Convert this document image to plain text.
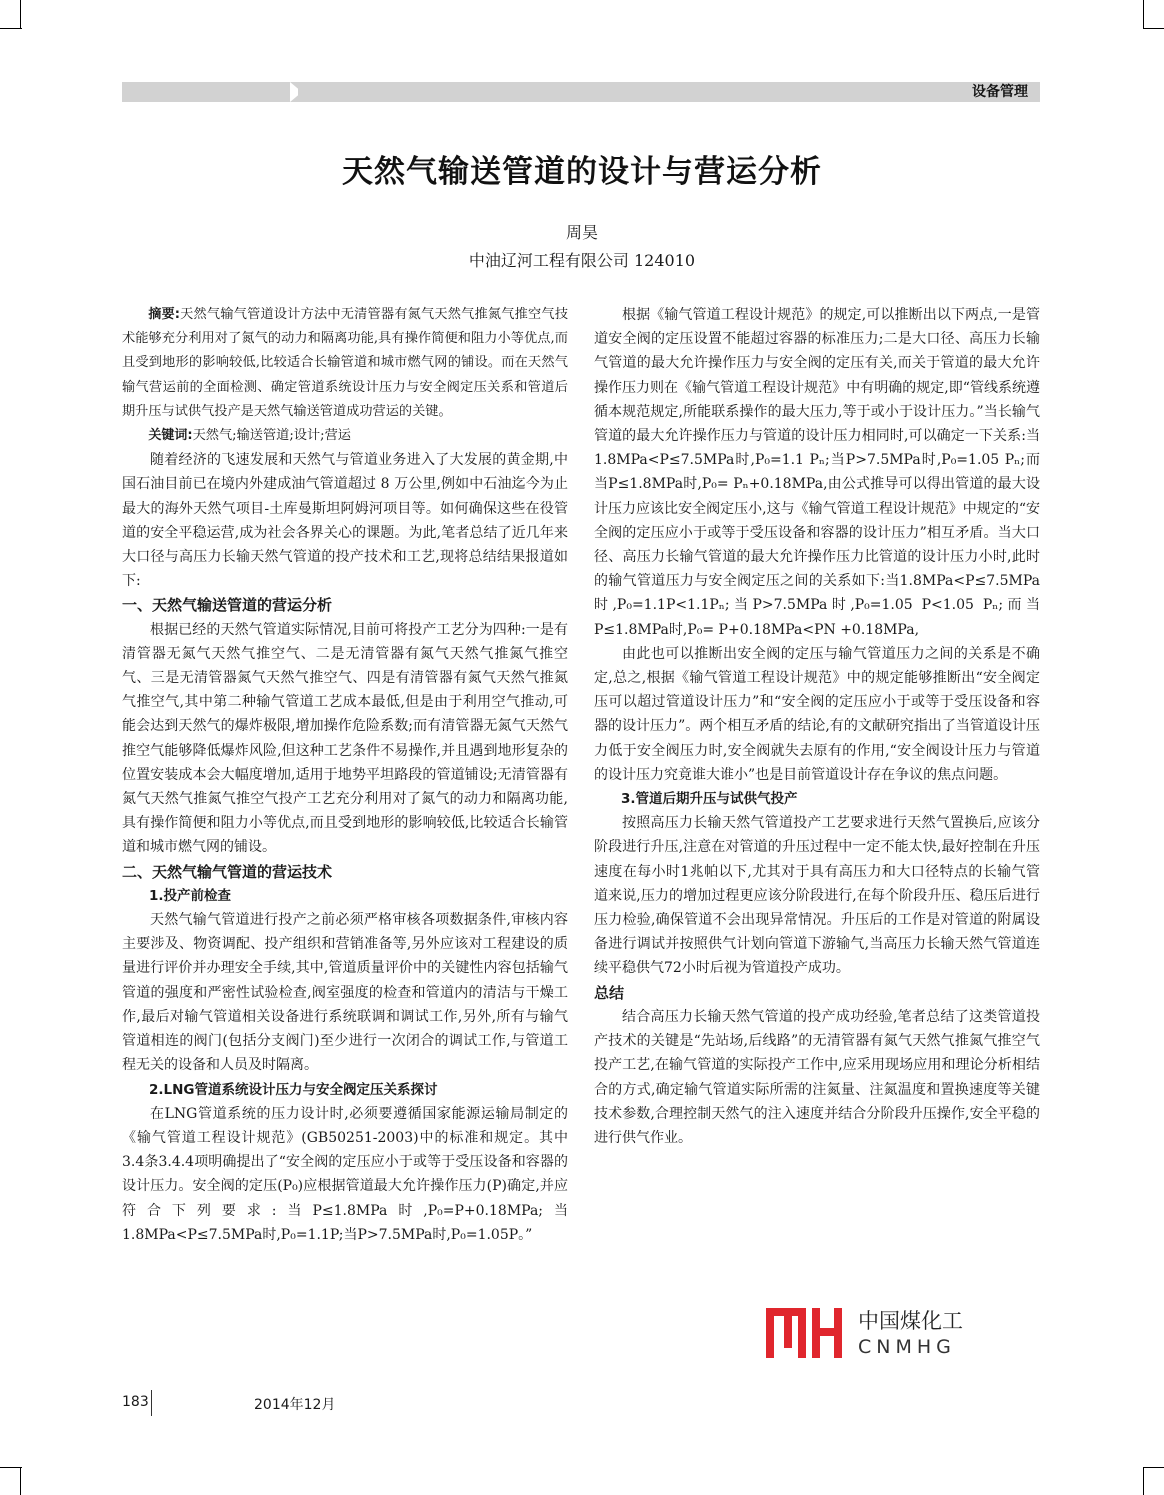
设备管理
天然气输送管道的设计与营运分析
周昊
中油辽河工程有限公司 124010

摘要:天然气输气管道设计方法中无清管器有氮气天然气推氮气推空气技术能够充分利用对了氮气的动力和隔离功能,具有操作简便和阻力小等优点,而且受到地形的影响较低,比较适合长输管道和城市燃气网的铺设。而在天然气输气营运前的全面检测、确定管道系统设计压力与安全阀定压关系和管道后期升压与试供气投产是天然气输送管道成功营运的关键。

关键词:天然气;输送管道;设计;营运

随着经济的飞速发展和天然气与管道业务进入了大发展的黄金期,中国石油目前已在境内外建成油气管道超过 8 万公里,例如中石油迄今为止最大的海外天然气项目-土库曼斯坦阿姆河项目等。如何确保这些在役管道的安全平稳运营,成为社会各界关心的课题。为此,笔者总结了近几年来大口径与高压力长输天然气管道的投产技术和工艺,现将总结结果报道如下:

一、天然气输送管道的营运分析

根据已经的天然气管道实际情况,目前可将投产工艺分为四种:一是有清管器无氮气天然气推空气、二是无清管器有氮气天然气推氮气推空气、三是无清管器氮气天然气推空气、四是有清管器有氮气天然气推氮气推空气,其中第二种输气管道工艺成本最低,但是由于利用空气推动,可能会达到天然气的爆炸极限,增加操作危险系数;而有清管器无氮气天然气推空气能够降低爆炸风险,但这种工艺条件不易操作,并且遇到地形复杂的位置安装成本会大幅度增加,适用于地势平坦路段的管道铺设;无清管器有氮气天然气推氮气推空气投产工艺充分利用对了氮气的动力和隔离功能,具有操作简便和阻力小等优点,而且受到地形的影响较低,比较适合长输管道和城市燃气网的铺设。

二、天然气输气管道的营运技术

1.投产前检查

天然气输气管道进行投产之前必须严格审核各项数据条件,审核内容主要涉及、物资调配、投产组织和营销准备等,另外应该对工程建设的质量进行评价并办理安全手续,其中,管道质量评价中的关键性内容包括输气管道的强度和严密性试验检查,阀室强度的检查和管道内的清洁与干燥工作,最后对输气管道相关设备进行系统联调和调试工作,另外,所有与输气管道相连的阀门(包括分支阀门)至少进行一次闭合的调试工作,与管道工程无关的设备和人员及时隔离。

2.LNG管道系统设计压力与安全阀定压关系探讨

在LNG管道系统的压力设计时,必须要遵循国家能源运输局制定的《输气管道工程设计规范》(GB50251-2003)中的标准和规定。其中3.4条3.4.4项明确提出了“安全阀的定压应小于或等于受压设备和容器的设计压力。安全阀的定压(P₀)应根据管道最大允许操作压力(P)确定,并应符合下列要求:当P≤1.8MPa时,P₀=P+0.18MPa;当1.8MPa<P≤7.5MPa时,P₀=1.1P;当P>7.5MPa时,P₀=1.05P。”

根据《输气管道工程设计规范》的规定,可以推断出以下两点,一是管道安全阀的定压设置不能超过容器的标准压力;二是大口径、高压力长输气管道的最大允许操作压力与安全阀的定压有关,而关于管道的最大允许操作压力则在《输气管道工程设计规范》中有明确的规定,即“管线系统遵循本规范规定,所能联系操作的最大压力,等于或小于设计压力。”当长输气管道的最大允许操作压力与管道的设计压力相同时,可以确定一下关系:当1.8MPa<P≤7.5MPa时,P₀=1.1 Pₙ;当P>7.5MPa时,P₀=1.05 Pₙ;而当P≤1.8MPa时,P₀= Pₙ+0.18MPa,由公式推导可以得出管道的最大设计压力应该比安全阀定压小,这与《输气管道工程设计规范》中规定的“安全阀的定压应小于或等于受压设备和容器的设计压力”相互矛盾。当大口径、高压力长输气管道的最大允许操作压力比管道的设计压力小时,此时的输气管道压力与安全阀定压之间的关系如下:当1.8MPa<P≤7.5MPa时,P₀=1.1P<1.1Pₙ;当P>7.5MPa时,P₀=1.05 P<1.05 Pₙ;而当P≤1.8MPa时,P₀= P+0.18MPa<PN +0.18MPa,

由此也可以推断出安全阀的定压与输气管道压力之间的关系是不确定,总之,根据《输气管道工程设计规范》中的规定能够推断出“安全阀定压可以超过管道设计压力”和“安全阀的定压应小于或等于受压设备和容器的设计压力”。两个相互矛盾的结论,有的文献研究指出了当管道设计压力低于安全阀压力时,安全阀就失去原有的作用,“安全阀设计压力与管道的设计压力究竟谁大谁小”也是目前管道设计存在争议的焦点问题。

3.管道后期升压与试供气投产

按照高压力长输天然气管道投产工艺要求进行天然气置换后,应该分阶段进行升压,注意在对管道的升压过程中一定不能太快,最好控制在升压速度在每小时1兆帕以下,尤其对于具有高压力和大口径特点的长输气管道来说,压力的增加过程更应该分阶段进行,在每个阶段升压、稳压后进行压力检验,确保管道不会出现异常情况。升压后的工作是对管道的附属设备进行调试并按照供气计划向管道下游输气,当高压力长输天然气管道连续平稳供气72小时后视为管道投产成功。

总结

结合高压力长输天然气管道的投产成功经验,笔者总结了这类管道投产技术的关键是“先站场,后线路”的无清管器有氮气天然气推氮气推空气投产工艺,在输气管道的实际投产工作中,应采用现场应用和理论分析相结合的方式,确定输气管道实际所需的注氮量、注氮温度和置换速度等关键技术参数,合理控制天然气的注入速度并结合分阶段升压操作,安全平稳的进行供气作业。

中国煤化工
CNMHG
183	2014年12月
